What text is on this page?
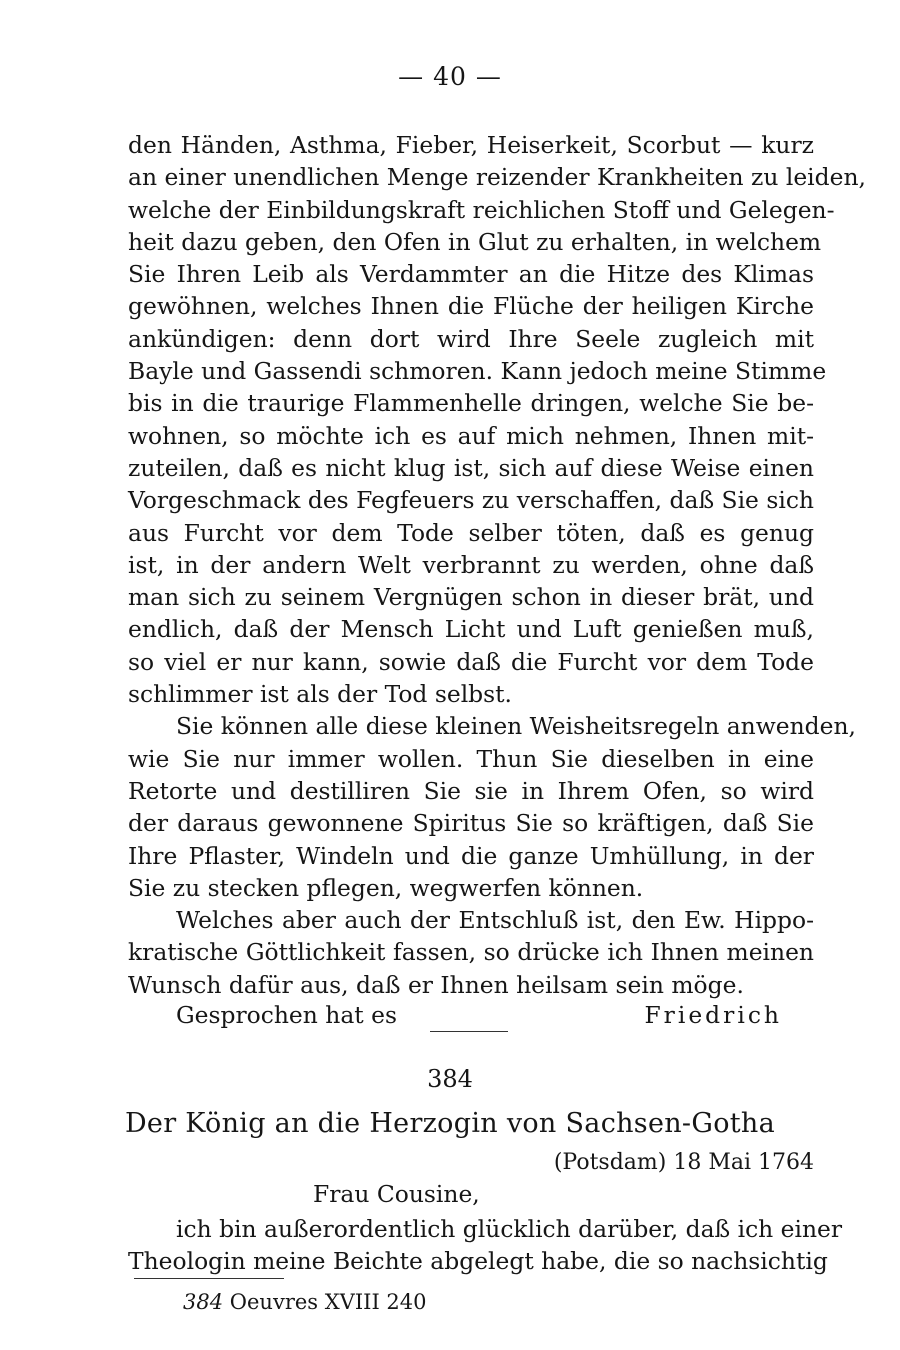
— 40 —
den Händen, Asthma, Fieber, Heiserkeit, Scorbut — kurz
an einer unendlichen Menge reizender Krankheiten zu leiden,
welche der Einbildungskraft reichlichen Stoff und Gelegen-
heit dazu geben, den Ofen in Glut zu erhalten, in welchem
Sie Ihren Leib als Verdammter an die Hitze des Klimas
gewöhnen, welches Ihnen die Flüche der heiligen Kirche
ankündigen: denn dort wird Ihre Seele zugleich mit
Bayle und Gassendi schmoren. Kann jedoch meine Stimme
bis in die traurige Flammenhelle dringen, welche Sie be-
wohnen, so möchte ich es auf mich nehmen, Ihnen mit-
zuteilen, daß es nicht klug ist, sich auf diese Weise einen
Vorgeschmack des Fegfeuers zu verschaffen, daß Sie sich
aus Furcht vor dem Tode selber töten, daß es genug
ist, in der andern Welt verbrannt zu werden, ohne daß
man sich zu seinem Vergnügen schon in dieser brät, und
endlich, daß der Mensch Licht und Luft genießen muß,
so viel er nur kann, sowie daß die Furcht vor dem Tode
schlimmer ist als der Tod selbst.
Sie können alle diese kleinen Weisheitsregeln anwenden,
wie Sie nur immer wollen. Thun Sie dieselben in eine
Retorte und destilliren Sie sie in Ihrem Ofen, so wird
der daraus gewonnene Spiritus Sie so kräftigen, daß Sie
Ihre Pflaster, Windeln und die ganze Umhüllung, in der
Sie zu stecken pflegen, wegwerfen können.
Welches aber auch der Entschluß ist, den Ew. Hippo-
kratische Göttlichkeit fassen, so drücke ich Ihnen meinen
Wunsch dafür aus, daß er Ihnen heilsam sein möge.
Gesprochen hat es	Friedrich
384
Der König an die Herzogin von Sachsen-Gotha
(Potsdam) 18 Mai 1764
Frau Cousine,
ich bin außerordentlich glücklich darüber, daß ich einer
Theologin meine Beichte abgelegt habe, die so nachsichtig
384 Oeuvres XVIII 240
